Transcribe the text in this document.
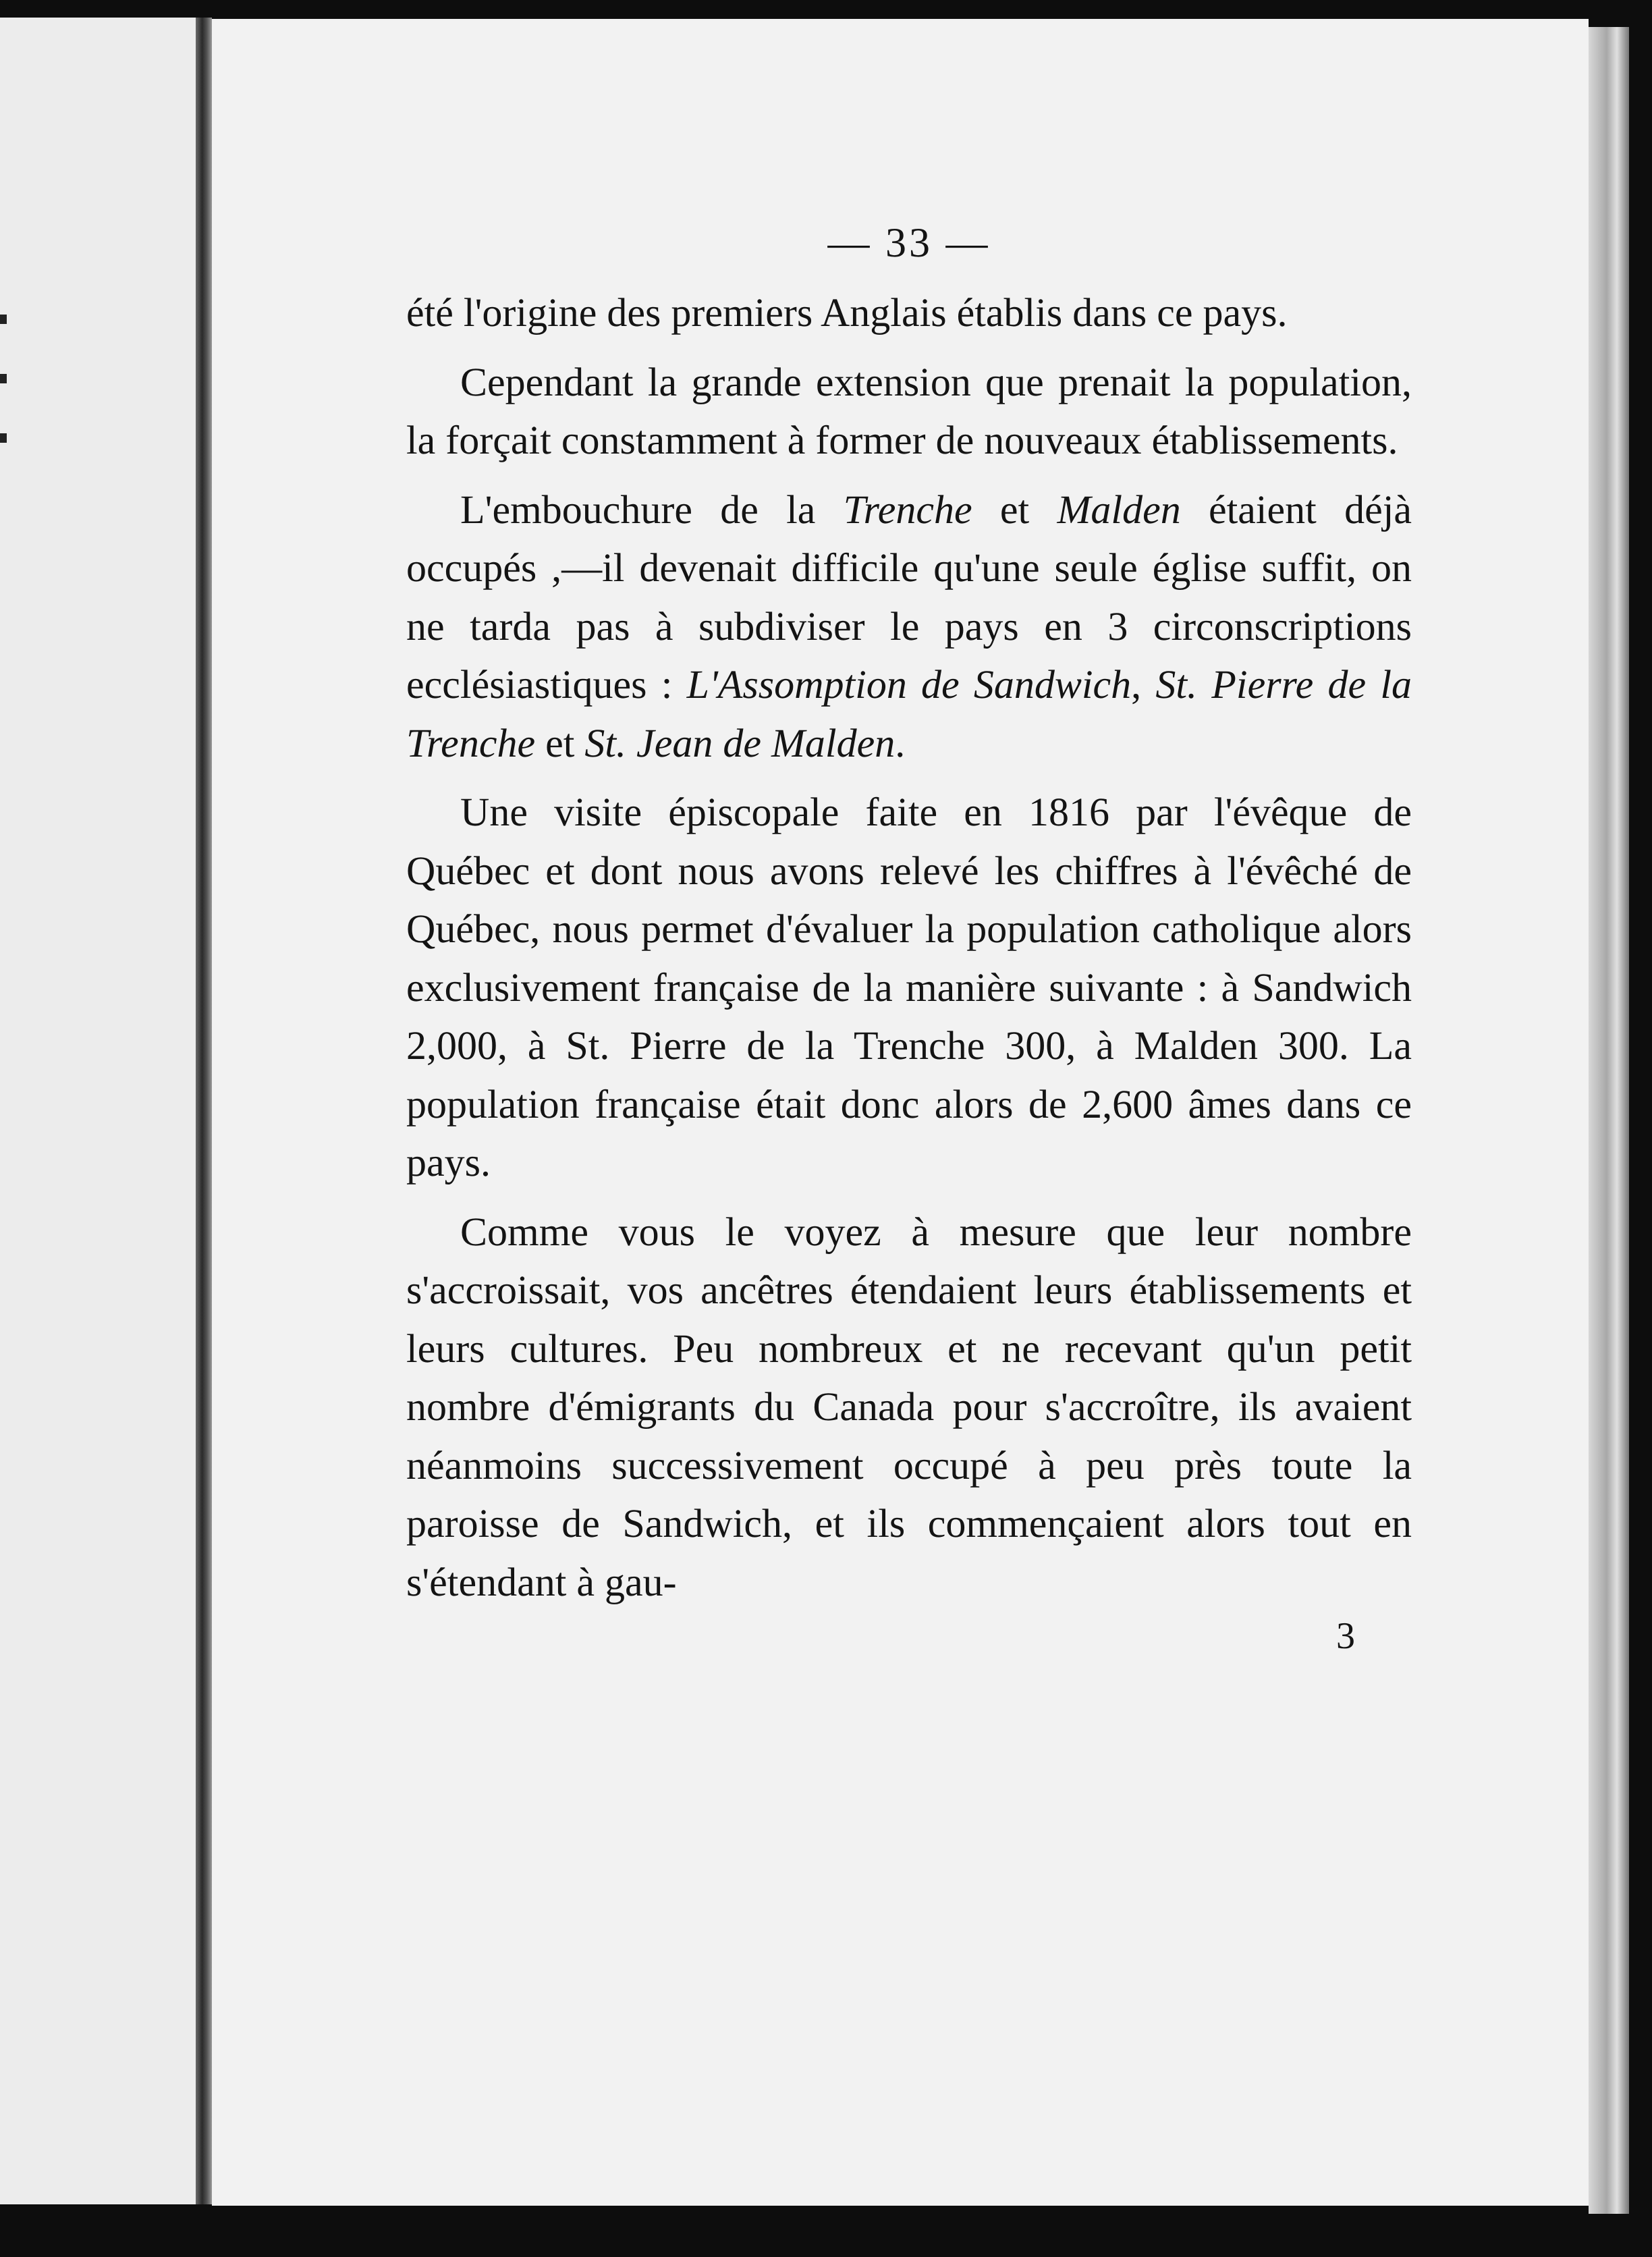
— 33 —

été l'origine des premiers Anglais établis dans ce pays.

Cependant la grande extension que prenait la population, la forçait constamment à former de nouveaux établissements.

L'embouchure de la Trenche et Malden étaient déjà occupés ,—il devenait difficile qu'une seule église suffit, on ne tarda pas à subdiviser le pays en 3 circonscriptions ecclésiastiques : L'Assomption de Sandwich, St. Pierre de la Trenche et St. Jean de Malden.

Une visite épiscopale faite en 1816 par l'évêque de Québec et dont nous avons relevé les chiffres à l'évêché de Québec, nous permet d'évaluer la population catholique alors exclusivement française de la manière suivante : à Sandwich 2,000, à St. Pierre de la Trenche 300, à Malden 300. La population française était donc alors de 2,600 âmes dans ce pays.

Comme vous le voyez à mesure que leur nombre s'accroissait, vos ancêtres étendaient leurs établissements et leurs cultures. Peu nombreux et ne recevant qu'un petit nombre d'émigrants du Canada pour s'accroître, ils avaient néanmoins successivement occupé à peu près toute la paroisse de Sandwich, et ils commençaient alors tout en s'étendant à gau-

3
